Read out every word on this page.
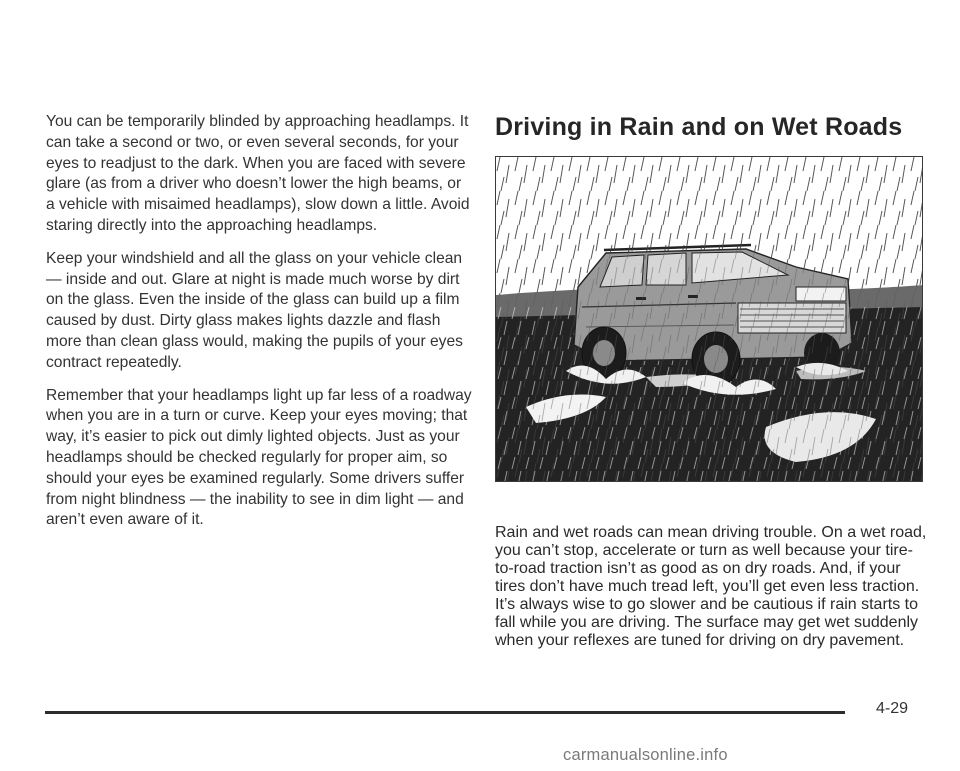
You can be temporarily blinded by approaching headlamps. It can take a second or two, or even several seconds, for your eyes to readjust to the dark. When you are faced with severe glare (as from a driver who doesn’t lower the high beams, or a vehicle with misaimed headlamps), slow down a little. Avoid staring directly into the approaching headlamps.

Keep your windshield and all the glass on your vehicle clean — inside and out. Glare at night is made much worse by dirt on the glass. Even the inside of the glass can build up a film caused by dust. Dirty glass makes lights dazzle and flash more than clean glass would, making the pupils of your eyes contract repeatedly.

Remember that your headlamps light up far less of a roadway when you are in a turn or curve. Keep your eyes moving; that way, it’s easier to pick out dimly lighted objects. Just as your headlamps should be checked regularly for proper aim, so should your eyes be examined regularly. Some drivers suffer from night blindness — the inability to see in dim light — and aren’t even aware of it.

Driving in Rain and on Wet Roads

Rain and wet roads can mean driving trouble. On a wet road, you can’t stop, accelerate or turn as well because your tire-to-road traction isn’t as good as on dry roads. And, if your tires don’t have much tread left, you’ll get even less traction. It’s always wise to go slower and be cautious if rain starts to fall while you are driving. The surface may get wet suddenly when your reflexes are tuned for driving on dry pavement.

4-29
carmanualsonline.info
